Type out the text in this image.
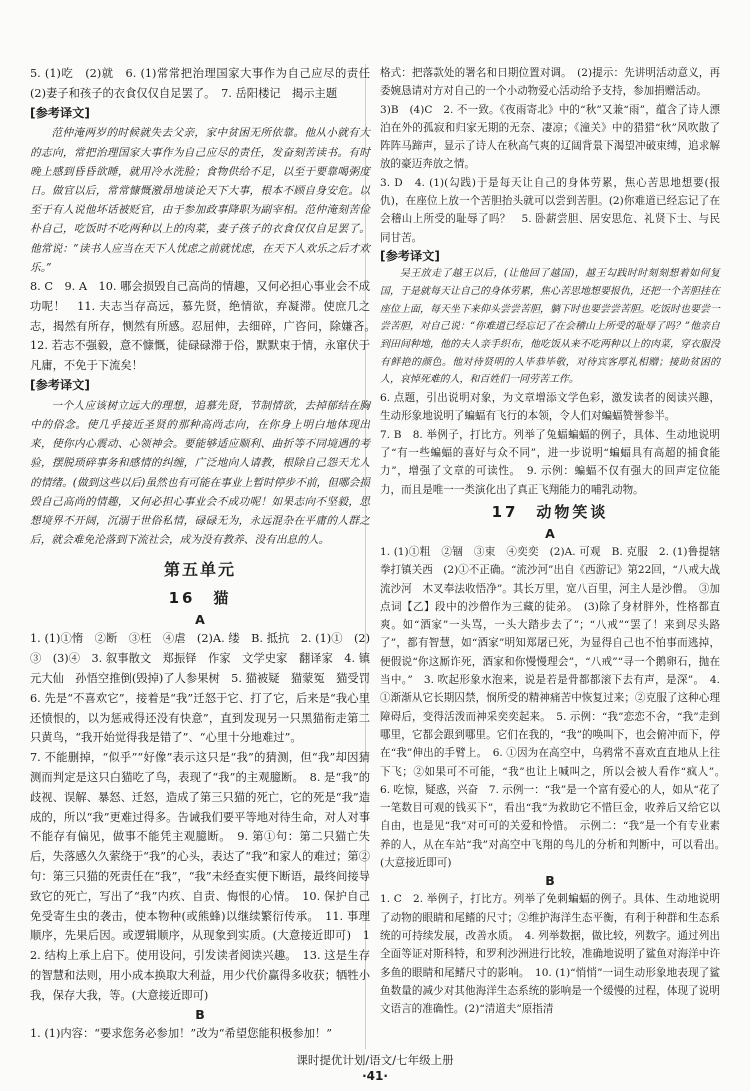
5. (1)吃　(2)就　6. (1)常常把治理国家大事作为自己应尽的责任　(2)妻子和孩子的衣食仅仅自足罢了。　7. 岳阳楼记　揭示主题

[ 参考译文 ]

范仲淹两岁的时候就失去父亲，家中贫困无所依靠。他从小就有大的志向，常把治理国家大事作为自己应尽的责任，发奋刻苦读书。有时晚上感到昏昏欲睡，就用冷水洗脸；食物供给不足，以至于要靠喝粥度日。做官以后，常常慷慨激昂地谈论天下大事，根本不顾自身安危。以至于有人说他坏话被贬官，由于参加政事降职为副宰相。范仲淹刻苦俭朴自己，吃饭时不吃两种以上的肉菜，妻子孩子的衣食仅仅自足罢了。他常说：“读书人应当在天下人忧虑之前就忧虑，在天下人欢乐之后才欢乐。”

8. C　9. A　10. 哪会损毁自己高尚的情趣，又何必担心事业会不成功呢！　11. 夫志当存高远，慕先贤，绝情欲，弃凝滞。使庶几之志，揭然有所存，恻然有所感。忍屈伸，去细碎，广咨问，除嫌吝。　12. 若志不强毅，意不慷慨，徒碌碌滞于俗，默默束于情，永窜伏于凡庸，不免于下流矣！

[ 参考译文 ]

一个人应该树立远大的理想，追慕先贤，节制情欲，去掉郁结在胸中的俗念。使几乎接近圣贤的那种高尚志向，在你身上明白地体现出来，使你内心震动、心领神会。要能够适应顺利、曲折等不同境遇的考验，摆脱琐碎事务和感情的纠缠，广泛地向人请教，根除自己怨天尤人的情绪。(做到这些以后)虽然也有可能在事业上暂时停步不前，但哪会损毁自己高尚的情趣，又何必担心事业会不成功呢！如果志向不坚毅，思想境界不开阔，沉溺于世俗私情，碌碌无为，永远混杂在平庸的人群之后，就会难免沦落到下流社会，成为没有教养、没有出息的人。

第五单元
16　猫
A

1. (1)①惰　②断　③枉　④虐　(2)A. 缕　B. 抵抗　2. (1)①　(2)③　(3)④　3. 叙事散文　郑振铎　作家　文学史家　翻译家　4. 镇元大仙　孙悟空推倒(毁掉)了人参果树　5. 猫被疑　猫蒙冤　猫受罚　6. 先是“不喜欢它”，接着是“我”迁怒于它、打了它，后来是“我心里还愤恨的，以为惩戒得还没有快意”，直到发现另一只黑猫衔走第二只黄鸟，“我开始觉得我是错了”、“心里十分地难过”。

7. 不能删掉，“似乎”“好像”表示这只是“我”的猜测，但“我”却因猜测而判定是这只白猫吃了鸟，表现了“我”的主观臆断。　8. 是“我”的歧视、误解、暴怒、迁怒，造成了第三只猫的死亡，它的死是“我”造成的，所以“我”更难过得多。告诫我们要平等地对待生命，对人对事不能存有偏见，做事不能凭主观臆断。　9. 第①句：第二只猫亡失后，失落感久久萦绕于“我”的心头，表达了“我”和家人的难过；第②句：第三只猫的死责任在“我”，“我”未经查实便下断语，最终间接导致它的死亡，写出了“我”内疚、自责、悔恨的心情。　10. 保护自己免受寄生虫的袭击，使本物种(或熊蜂)以继续繁衍传承。　11. 事理顺序，先果后因。或逻辑顺序，从现象到实质。(大意接近即可)　12. 结构上承上启下。使用设问，引发读者阅读兴趣。　13. 这是生存的智慧和法则，用小成本换取大利益，用少代价赢得多收获；牺牲小我，保存大我，等。(大意接近即可)

B

1. (1)内容：“要求您务必参加！”改为“希望您能积极参加！”

格式：把落款处的署名和日期位置对调。　(2)提示：先讲明活动意义，再委婉恳请对方对自己的一个小动物爱心活动给予支持，参加捐赠活动。

3)B　(4)C　2. 不一致。《夜雨寄北》中的“秋”又兼“雨”，蕴含了诗人漂泊在外的孤寂和归家无期的无奈、凄凉；《潼关》中的猎猎“秋”风吹散了阵阵马蹄声，显示了诗人在秋高气爽的辽阔背景下渴望冲破束缚，追求解放的豪迈奔放之情。

3. D　4. (1)(勾践)于是每天让自己的身体劳累，焦心苦思地想要(报仇)，在座位上放一个苦胆抬头就可以尝到苦胆。(2)你难道已经忘记了在会稽山上所受的耻辱了吗？　5. 卧薪尝胆、居安思危、礼贤下士、与民同甘苦。

[ 参考译文 ]

吴王放走了越王以后，(让他回了越国)，越王勾践时时刻刻想着如何复国，于是就每天让自己的身体劳累，焦心苦思地想要报仇，还把一个苦胆挂在座位上面，每天坐下来仰头尝尝苦胆，躺下时也要尝尝苦胆。吃饭时也要尝一尝苦胆，对自己说：“你难道已经忘记了在会稽山上所受的耻辱了吗？”他亲自到田间种地，他的夫人亲手织布，他吃饭从来不吃两种以上的肉菜，穿衣服没有鲜艳的颜色。他对待贤明的人毕恭毕敬，对待宾客厚礼相赠；接助贫困的人，哀悼死难的人，和百姓们一同劳苦工作。

6. 点题，引出说明对象，为文章增添文学色彩，激发读者的阅读兴趣，生动形象地说明了蝙蝠有飞行的本领，令人们对蝙蝠赞誉参半。

7. B　8. 举例子，打比方。列举了兔蝠蝙蝠的例子，具体、生动地说明了“有一些蝙蝠的喜好与众不同”，进一步说明“蝙蝠具有高超的捕食能力”，增强了文章的可读性。　9. 示例：蝙蝠不仅有强大的回声定位能力，而且是唯一一类演化出了真正飞翔能力的哺乳动物。

17　动物笑谈
A

1. (1)①粗　②锢　③束　④奕奕　(2)A. 可观　B. 克服　2. (1)鲁提辖拳打镇关西　(2)①不正确。“流沙河”出自《西游记》第22回，“八戒大战流沙河　木叉奉法收悟净”。其长万里，宽八百里，河主人是沙僧。　③加点词【乙】段中的沙僧作为三藏的徒弟。　(3)除了身材胖外，性格都直爽。如“酒家”一头骂，一头大踏步去了”；“八戒”“罢了！来到尽头路了”，都有智慧，如“酒家”明知郑屠已死，为显得自己也不怕事而逃掉，便假说“你这厮诈死，酒家和你慢慢理会”，“八戒”“寻一个鹅卵石，抛在当中。”　3. 吹起形象水泡来，说是若是骨都都滚下去有声，是深”。　4. ①渐渐从它长期囚禁，悯所受的精神痛苦中恢复过来；②克服了这种心理障碍后，变得活泼而神采奕奕起来。　5. 示例：“我”恋恋不舍，“我”走到哪里，它都会跟到哪里。它们在我的，“我”的唤叫下，也会俯冲而下，停在“我”伸出的手臂上。　6. ①因为在高空中，乌鸦常不喜欢直直地从上往下飞；②如果可不可能，“我”也让上喊叫之，所以会被人看作“疯人”。　6. 吃惊，疑惑，兴奋　7. 示例一：“我”是一个富有爱心的人，如从“花了一笔数目可观的钱买下”，看出“我”为救助它不惜巨金，收养后又给它以自由，也是见“我”对可可的关爱和怜惜。　示例二：“我”是一个有专业素养的人，从在车站“我”对高空中飞翔的鸟儿的分析和判断中，可以看出。　(大意接近即可)

B

1. C　2. 举例子，打比方。列举了免刺蝙蝠的例子。具体、生动地说明了动物的眼睛和尾鳍的尺寸；②维护海洋生态平衡，有利于种群和生态系统的可持续发展，改善水质。　4. 列举数据，做比较，列数字。通过列出全面等证对斯科特，和罗利沙洲进行比较，准确地说明了鲨鱼对海洋中许多鱼的眼睛和尾鳍尺寸的影响。　10. (1)“悄悄”一词生动形象地表现了鲨鱼数量的减少对其他海洋生态系统的影响是一个缓慢的过程，体现了说明文语言的准确性。(2)“清道夫”原指清

课时提优计划/语文/七年级上册
·41·
